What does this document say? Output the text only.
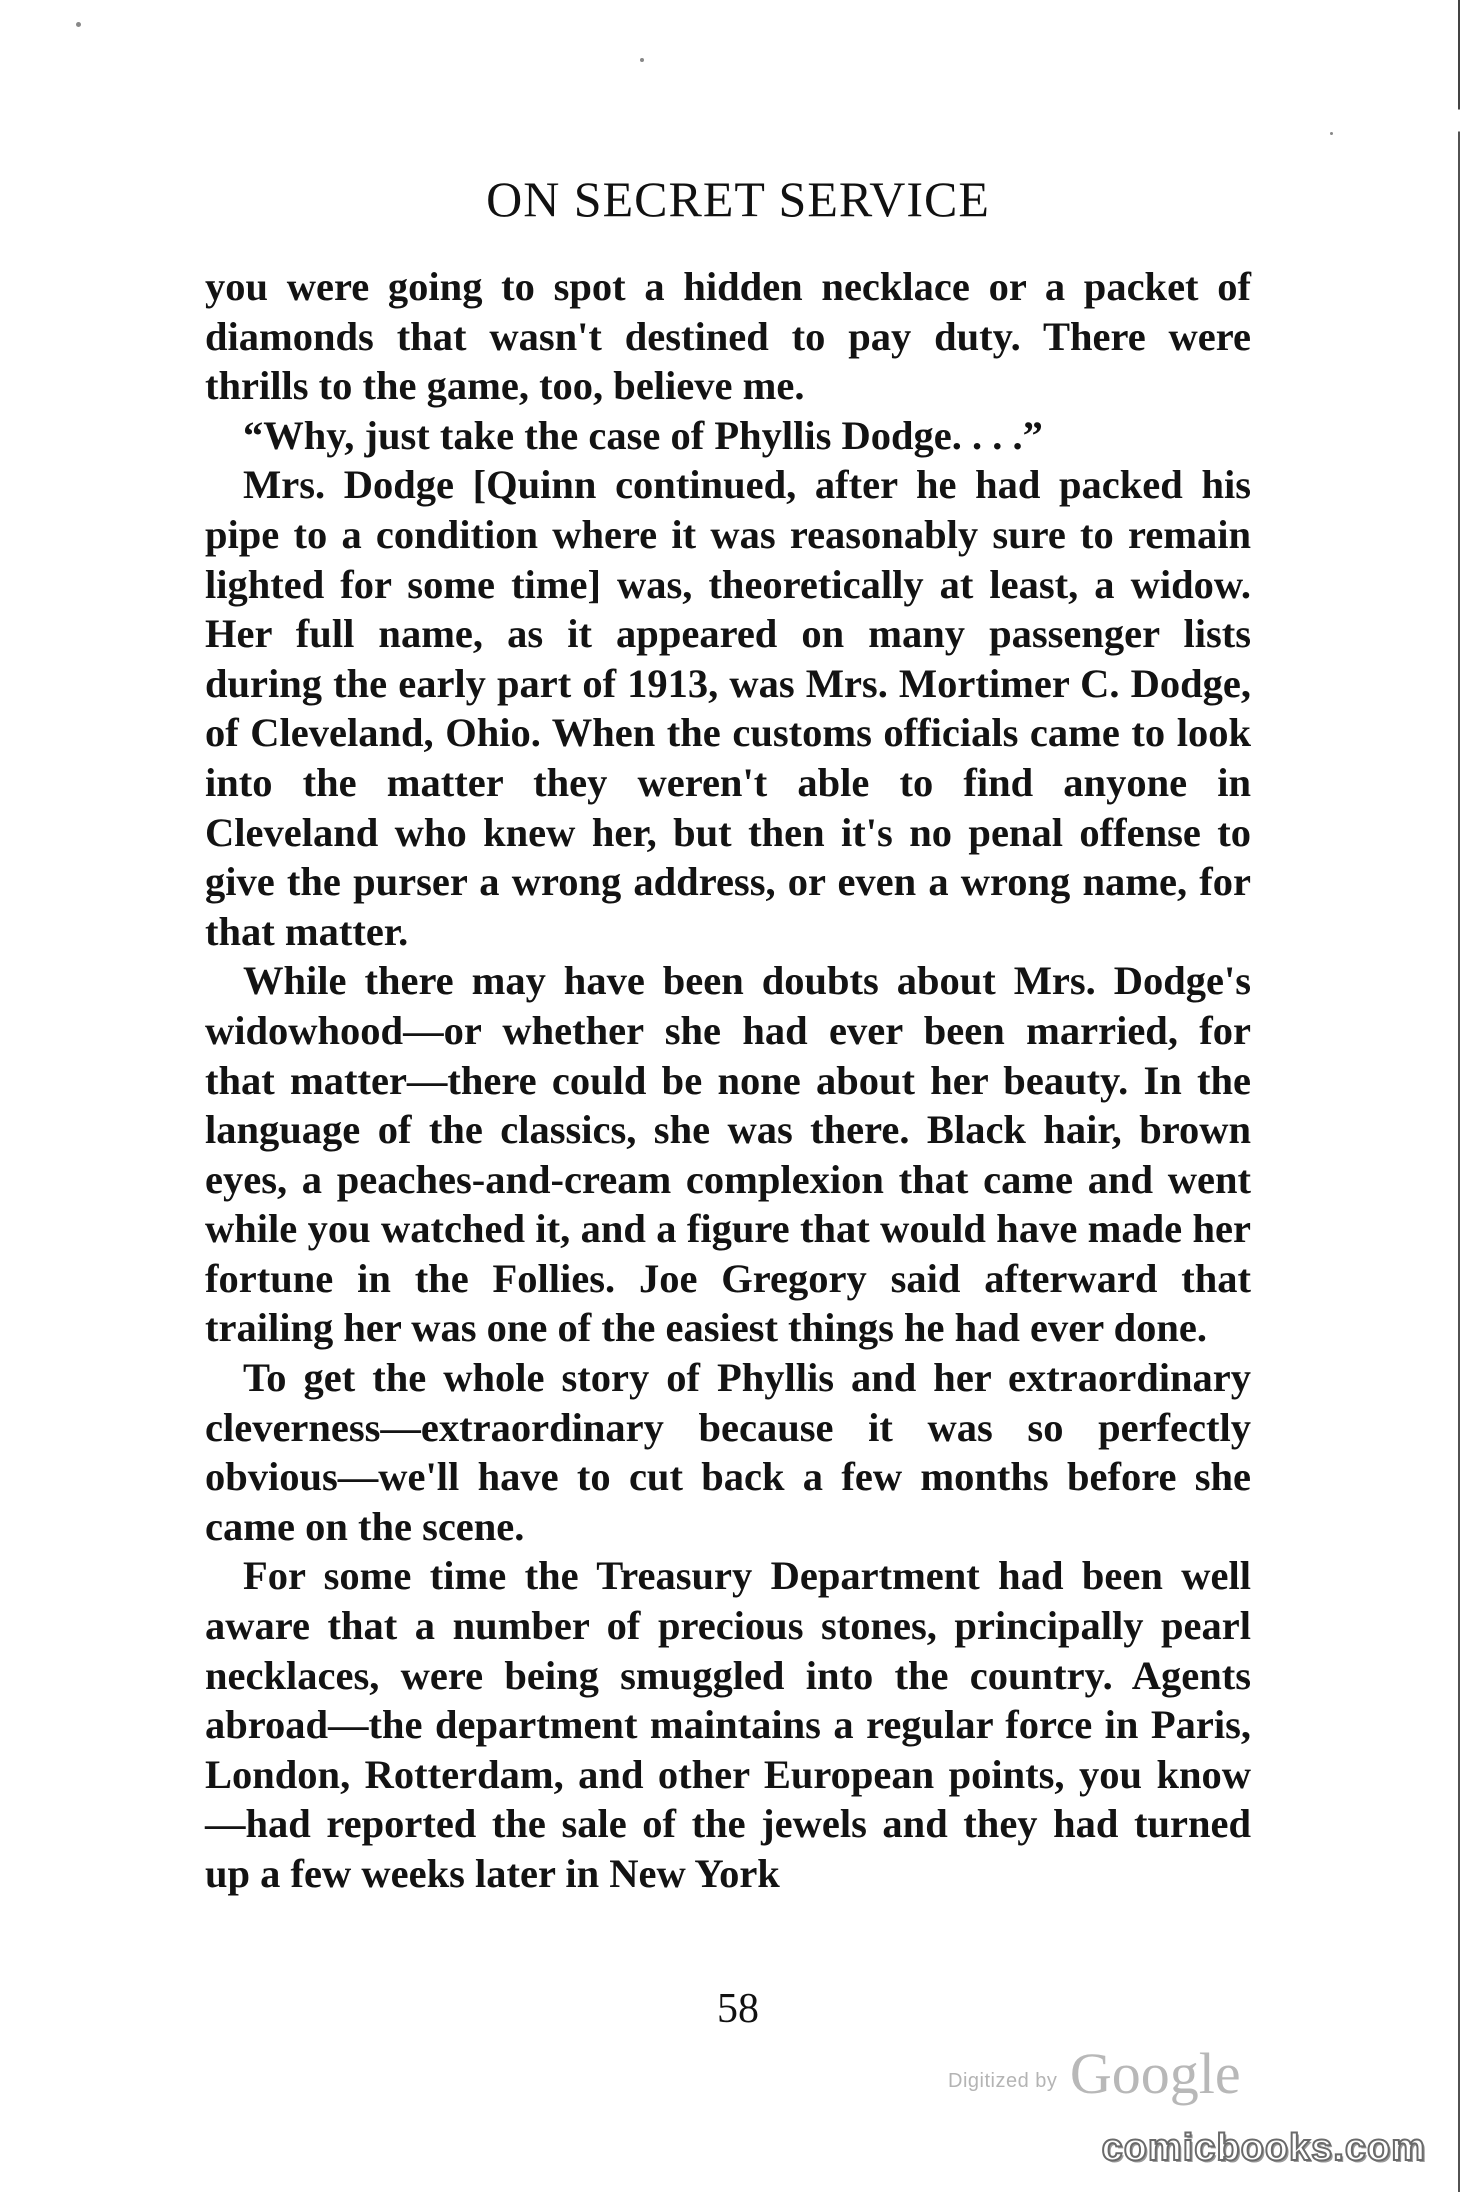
ON SECRET SERVICE

you were going to spot a hidden necklace or a packet of diamonds that wasn't destined to pay duty. There were thrills to the game, too, believe me.

“Why, just take the case of Phyllis Dodge. . . .”

Mrs. Dodge [Quinn continued, after he had packed his pipe to a condition where it was reasonably sure to remain lighted for some time] was, theoretically at least, a widow. Her full name, as it appeared on many passenger lists during the early part of 1913, was Mrs. Mortimer C. Dodge, of Cleveland, Ohio. When the customs officials came to look into the matter they weren't able to find anyone in Cleveland who knew her, but then it's no penal offense to give the purser a wrong address, or even a wrong name, for that matter.

While there may have been doubts about Mrs. Dodge's widowhood—or whether she had ever been married, for that matter—there could be none about her beauty. In the language of the classics, she was there. Black hair, brown eyes, a peaches-and-cream complexion that came and went while you watched it, and a figure that would have made her fortune in the Follies. Joe Gregory said afterward that trailing her was one of the easiest things he had ever done.

To get the whole story of Phyllis and her extraordinary cleverness—extraordinary because it was so perfectly obvious—we'll have to cut back a few months before she came on the scene.

For some time the Treasury Department had been well aware that a number of precious stones, principally pearl necklaces, were being smuggled into the country. Agents abroad—the department maintains a regular force in Paris, London, Rotterdam, and other European points, you know—had reported the sale of the jewels and they had turned up a few weeks later in New York

58
Digitized by Google
comicbooks.com
